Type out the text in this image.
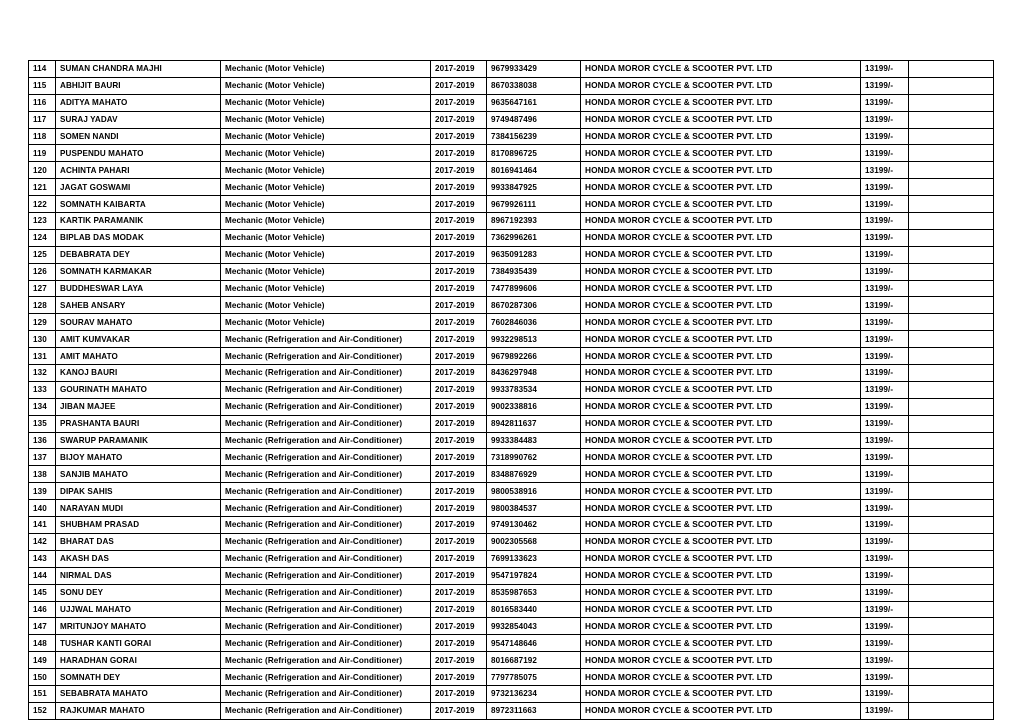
114	SUMAN CHANDRA MAJHI	Mechanic (Motor Vehicle)	2017-2019	9679933429	HONDA MOROR CYCLE & SCOOTER PVT. LTD	13199/-	
115	ABHIJIT BAURI	Mechanic (Motor Vehicle)	2017-2019	8670338038	HONDA MOROR CYCLE & SCOOTER PVT. LTD	13199/-	
116	ADITYA MAHATO	Mechanic (Motor Vehicle)	2017-2019	9635647161	HONDA MOROR CYCLE & SCOOTER PVT. LTD	13199/-	
117	SURAJ YADAV	Mechanic (Motor Vehicle)	2017-2019	9749487496	HONDA MOROR CYCLE & SCOOTER PVT. LTD	13199/-	
118	SOMEN NANDI	Mechanic (Motor Vehicle)	2017-2019	7384156239	HONDA MOROR CYCLE & SCOOTER PVT. LTD	13199/-	
119	PUSPENDU MAHATO	Mechanic (Motor Vehicle)	2017-2019	8170896725	HONDA MOROR CYCLE & SCOOTER PVT. LTD	13199/-	
120	ACHINTA PAHARI	Mechanic (Motor Vehicle)	2017-2019	8016941464	HONDA MOROR CYCLE & SCOOTER PVT. LTD	13199/-	
121	JAGAT GOSWAMI	Mechanic (Motor Vehicle)	2017-2019	9933847925	HONDA MOROR CYCLE & SCOOTER PVT. LTD	13199/-	
122	SOMNATH KAIBARTA	Mechanic (Motor Vehicle)	2017-2019	9679926111	HONDA MOROR CYCLE & SCOOTER PVT. LTD	13199/-	
123	KARTIK PARAMANIK	Mechanic (Motor Vehicle)	2017-2019	8967192393	HONDA MOROR CYCLE & SCOOTER PVT. LTD	13199/-	
124	BIPLAB DAS MODAK	Mechanic (Motor Vehicle)	2017-2019	7362996261	HONDA MOROR CYCLE & SCOOTER PVT. LTD	13199/-	
125	DEBABRATA DEY	Mechanic (Motor Vehicle)	2017-2019	9635091283	HONDA MOROR CYCLE & SCOOTER PVT. LTD	13199/-	
126	SOMNATH KARMAKAR	Mechanic (Motor Vehicle)	2017-2019	7384935439	HONDA MOROR CYCLE & SCOOTER PVT. LTD	13199/-	
127	BUDDHESWAR LAYA	Mechanic (Motor Vehicle)	2017-2019	7477899606	HONDA MOROR CYCLE & SCOOTER PVT. LTD	13199/-	
128	SAHEB ANSARY	Mechanic (Motor Vehicle)	2017-2019	8670287306	HONDA MOROR CYCLE & SCOOTER PVT. LTD	13199/-	
129	SOURAV MAHATO	Mechanic (Motor Vehicle)	2017-2019	7602846036	HONDA MOROR CYCLE & SCOOTER PVT. LTD	13199/-	
130	AMIT KUMVAKAR	Mechanic (Refrigeration and Air-Conditioner)	2017-2019	9932298513	HONDA MOROR CYCLE & SCOOTER PVT. LTD	13199/-	
131	AMIT MAHATO	Mechanic (Refrigeration and Air-Conditioner)	2017-2019	9679892266	HONDA MOROR CYCLE & SCOOTER PVT. LTD	13199/-	
132	KANOJ BAURI	Mechanic (Refrigeration and Air-Conditioner)	2017-2019	8436297948	HONDA MOROR CYCLE & SCOOTER PVT. LTD	13199/-	
133	GOURINATH MAHATO	Mechanic (Refrigeration and Air-Conditioner)	2017-2019	9933783534	HONDA MOROR CYCLE & SCOOTER PVT. LTD	13199/-	
134	JIBAN MAJEE	Mechanic (Refrigeration and Air-Conditioner)	2017-2019	9002338816	HONDA MOROR CYCLE & SCOOTER PVT. LTD	13199/-	
135	PRASHANTA BAURI	Mechanic (Refrigeration and Air-Conditioner)	2017-2019	8942811637	HONDA MOROR CYCLE & SCOOTER PVT. LTD	13199/-	
136	SWARUP PARAMANIK	Mechanic (Refrigeration and Air-Conditioner)	2017-2019	9933384483	HONDA MOROR CYCLE & SCOOTER PVT. LTD	13199/-	
137	BIJOY MAHATO	Mechanic (Refrigeration and Air-Conditioner)	2017-2019	7318990762	HONDA MOROR CYCLE & SCOOTER PVT. LTD	13199/-	
138	SANJIB MAHATO	Mechanic (Refrigeration and Air-Conditioner)	2017-2019	8348876929	HONDA MOROR CYCLE & SCOOTER PVT. LTD	13199/-	
139	DIPAK SAHIS	Mechanic (Refrigeration and Air-Conditioner)	2017-2019	9800538916	HONDA MOROR CYCLE & SCOOTER PVT. LTD	13199/-	
140	NARAYAN MUDI	Mechanic (Refrigeration and Air-Conditioner)	2017-2019	9800384537	HONDA MOROR CYCLE & SCOOTER PVT. LTD	13199/-	
141	SHUBHAM PRASAD	Mechanic (Refrigeration and Air-Conditioner)	2017-2019	9749130462	HONDA MOROR CYCLE & SCOOTER PVT. LTD	13199/-	
142	BHARAT DAS	Mechanic (Refrigeration and Air-Conditioner)	2017-2019	9002305568	HONDA MOROR CYCLE & SCOOTER PVT. LTD	13199/-	
143	AKASH DAS	Mechanic (Refrigeration and Air-Conditioner)	2017-2019	7699133623	HONDA MOROR CYCLE & SCOOTER PVT. LTD	13199/-	
144	NIRMAL DAS	Mechanic (Refrigeration and Air-Conditioner)	2017-2019	9547197824	HONDA MOROR CYCLE & SCOOTER PVT. LTD	13199/-	
145	SONU DEY	Mechanic (Refrigeration and Air-Conditioner)	2017-2019	8535987653	HONDA MOROR CYCLE & SCOOTER PVT. LTD	13199/-	
146	UJJWAL MAHATO	Mechanic (Refrigeration and Air-Conditioner)	2017-2019	8016583440	HONDA MOROR CYCLE & SCOOTER PVT. LTD	13199/-	
147	MRITUNJOY MAHATO	Mechanic (Refrigeration and Air-Conditioner)	2017-2019	9932854043	HONDA MOROR CYCLE & SCOOTER PVT. LTD	13199/-	
148	TUSHAR KANTI GORAI	Mechanic (Refrigeration and Air-Conditioner)	2017-2019	9547148646	HONDA MOROR CYCLE & SCOOTER PVT. LTD	13199/-	
149	HARADHAN GORAI	Mechanic (Refrigeration and Air-Conditioner)	2017-2019	8016687192	HONDA MOROR CYCLE & SCOOTER PVT. LTD	13199/-	
150	SOMNATH DEY	Mechanic (Refrigeration and Air-Conditioner)	2017-2019	7797785075	HONDA MOROR CYCLE & SCOOTER PVT. LTD	13199/-	
151	SEBABRATA MAHATO	Mechanic (Refrigeration and Air-Conditioner)	2017-2019	9732136234	HONDA MOROR CYCLE & SCOOTER PVT. LTD	13199/-	
152	RAJKUMAR MAHATO	Mechanic (Refrigeration and Air-Conditioner)	2017-2019	8972311663	HONDA MOROR CYCLE & SCOOTER PVT. LTD	13199/-	
